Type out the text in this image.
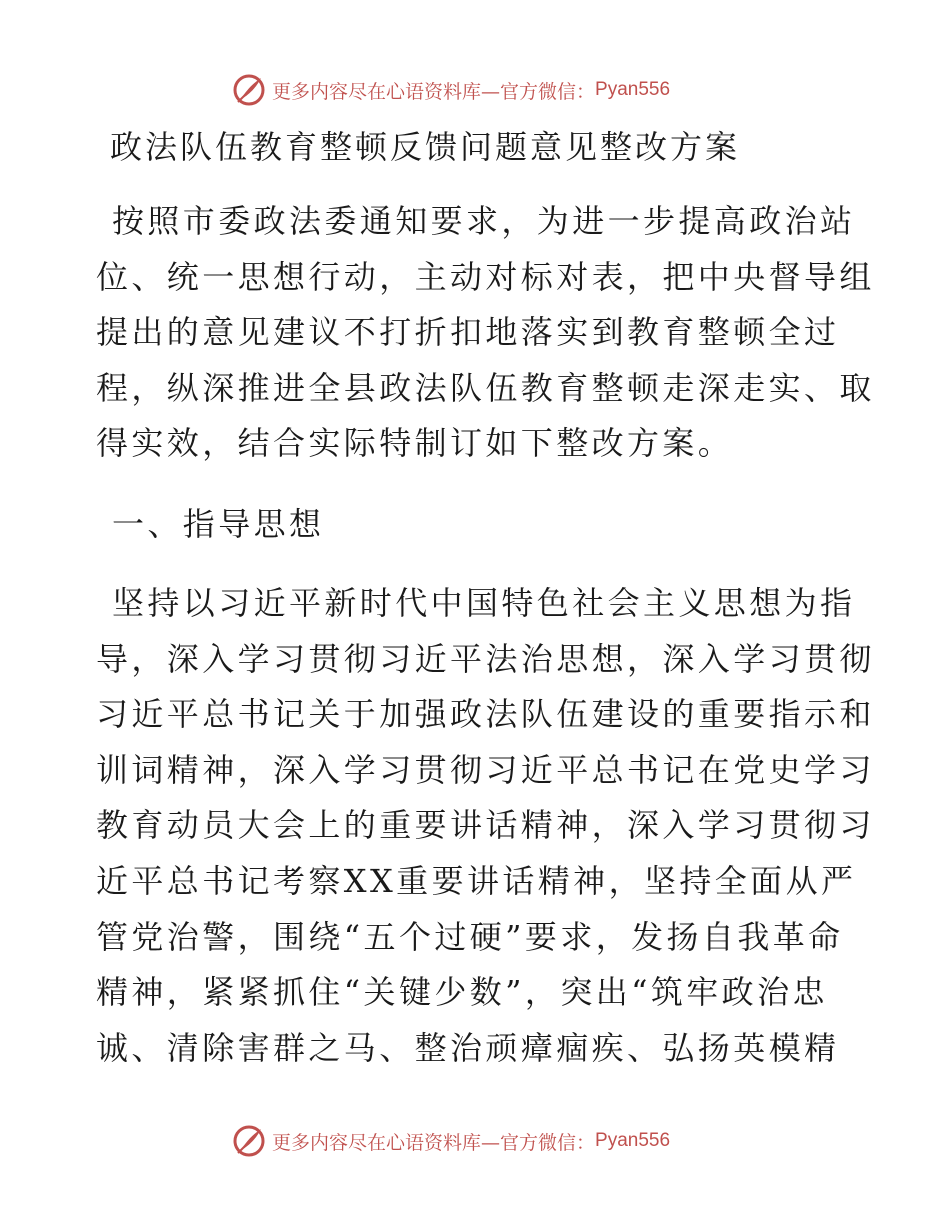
更多内容尽在心语资料库—官方微信： Pyan556
政法队伍教育整顿反馈问题意见整改方案
按照市委政法委通知要求，为进一步提高政治站
位、统一思想行动，主动对标对表，把中央督导组
提出的意见建议不打折扣地落实到教育整顿全过
程，纵深推进全县政法队伍教育整顿走深走实、取
得实效，结合实际特制订如下整改方案。
一、指导思想
坚持以习近平新时代中国特色社会主义思想为指
导，深入学习贯彻习近平法治思想，深入学习贯彻
习近平总书记关于加强政法队伍建设的重要指示和
训词精神，深入学习贯彻习近平总书记在党史学习
教育动员大会上的重要讲话精神，深入学习贯彻习
近平总书记考察XX重要讲话精神，坚持全面从严
管党治警，围绕“五个过硬”要求，发扬自我革命
精神，紧紧抓住“关键少数”，突出“筑牢政治忠
诚、清除害群之马、整治顽瘴痼疾、弘扬英模精
更多内容尽在心语资料库—官方微信： Pyan556
